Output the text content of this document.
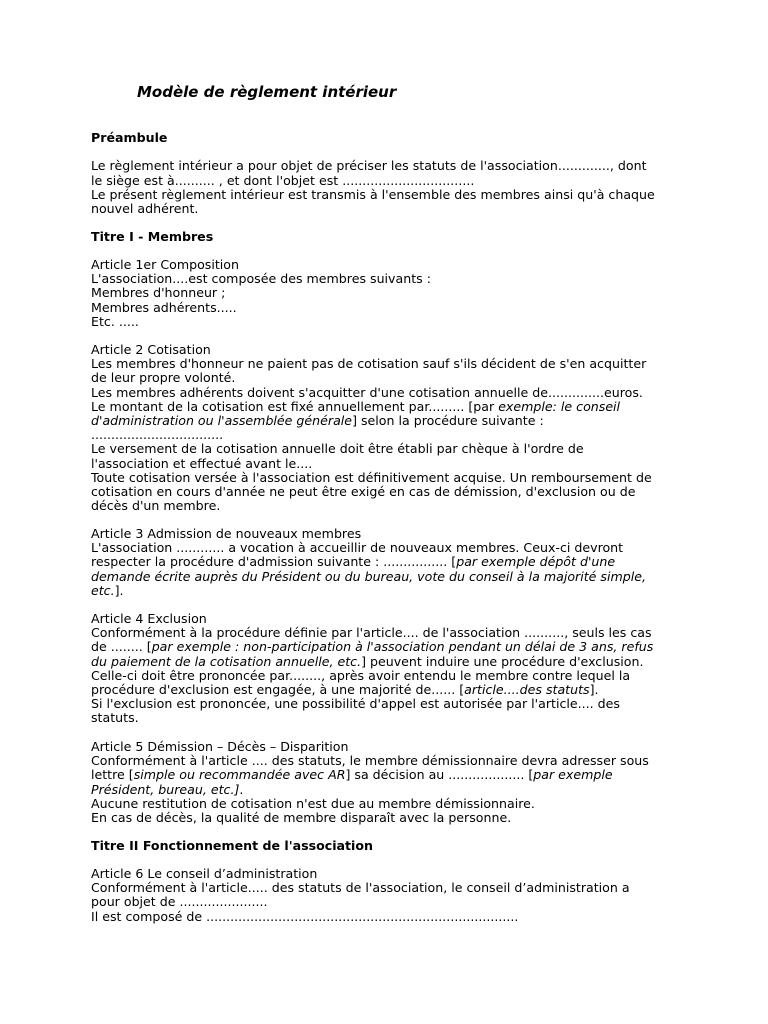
Modèle de règlement intérieur
Préambule
Le règlement intérieur a pour objet de préciser les statuts de l'association............., dont
le siège est à.......... , et dont l'objet est .................................
Le présent règlement intérieur est transmis à l'ensemble des membres ainsi qu'à chaque
nouvel adhérent.
Titre I - Membres
Article 1er Composition
L'association....est composée des membres suivants :
Membres d'honneur ;
Membres adhérents.....
Etc. .....
Article 2 Cotisation
Les membres d'honneur ne paient pas de cotisation sauf s'ils décident de s'en acquitter
de leur propre volonté.
Les membres adhérents doivent s'acquitter d'une cotisation annuelle de..............euros.
Le montant de la cotisation est fixé annuellement par......... [par exemple: le conseil
d'administration ou l'assemblée générale] selon la procédure suivante :
.................................
Le versement de la cotisation annuelle doit être établi par chèque à l'ordre de
l'association et effectué avant le....
Toute cotisation versée à l'association est définitivement acquise. Un remboursement de
cotisation en cours d'année ne peut être exigé en cas de démission, d'exclusion ou de
décès d'un membre.
Article 3 Admission de nouveaux membres
L'association ............ a vocation à accueillir de nouveaux membres. Ceux-ci devront
respecter la procédure d'admission suivante : ................ [par exemple dépôt d'une
demande écrite auprès du Président ou du bureau, vote du conseil à la majorité simple,
etc.].
Article 4 Exclusion
Conformément à la procédure définie par l'article.... de l'association .........., seuls les cas
de ........ [par exemple : non-participation à l'association pendant un délai de 3 ans, refus
du paiement de la cotisation annuelle, etc.] peuvent induire une procédure d'exclusion.
Celle-ci doit être prononcée par........, après avoir entendu le membre contre lequel la
procédure d'exclusion est engagée, à une majorité de...... [article....des statuts].
Si l'exclusion est prononcée, une possibilité d'appel est autorisée par l'article.... des
statuts.
Article 5 Démission – Décès – Disparition
Conformément à l'article .... des statuts, le membre démissionnaire devra adresser sous
lettre [simple ou recommandée avec AR] sa décision au ................... [par exemple
Président, bureau, etc.].
Aucune restitution de cotisation n'est due au membre démissionnaire.
En cas de décès, la qualité de membre disparaît avec la personne.
Titre II Fonctionnement de l'association
Article 6 Le conseil d’administration
Conformément à l'article..... des statuts de l'association, le conseil d’administration a
pour objet de ......................
Il est composé de ..............................................................................
